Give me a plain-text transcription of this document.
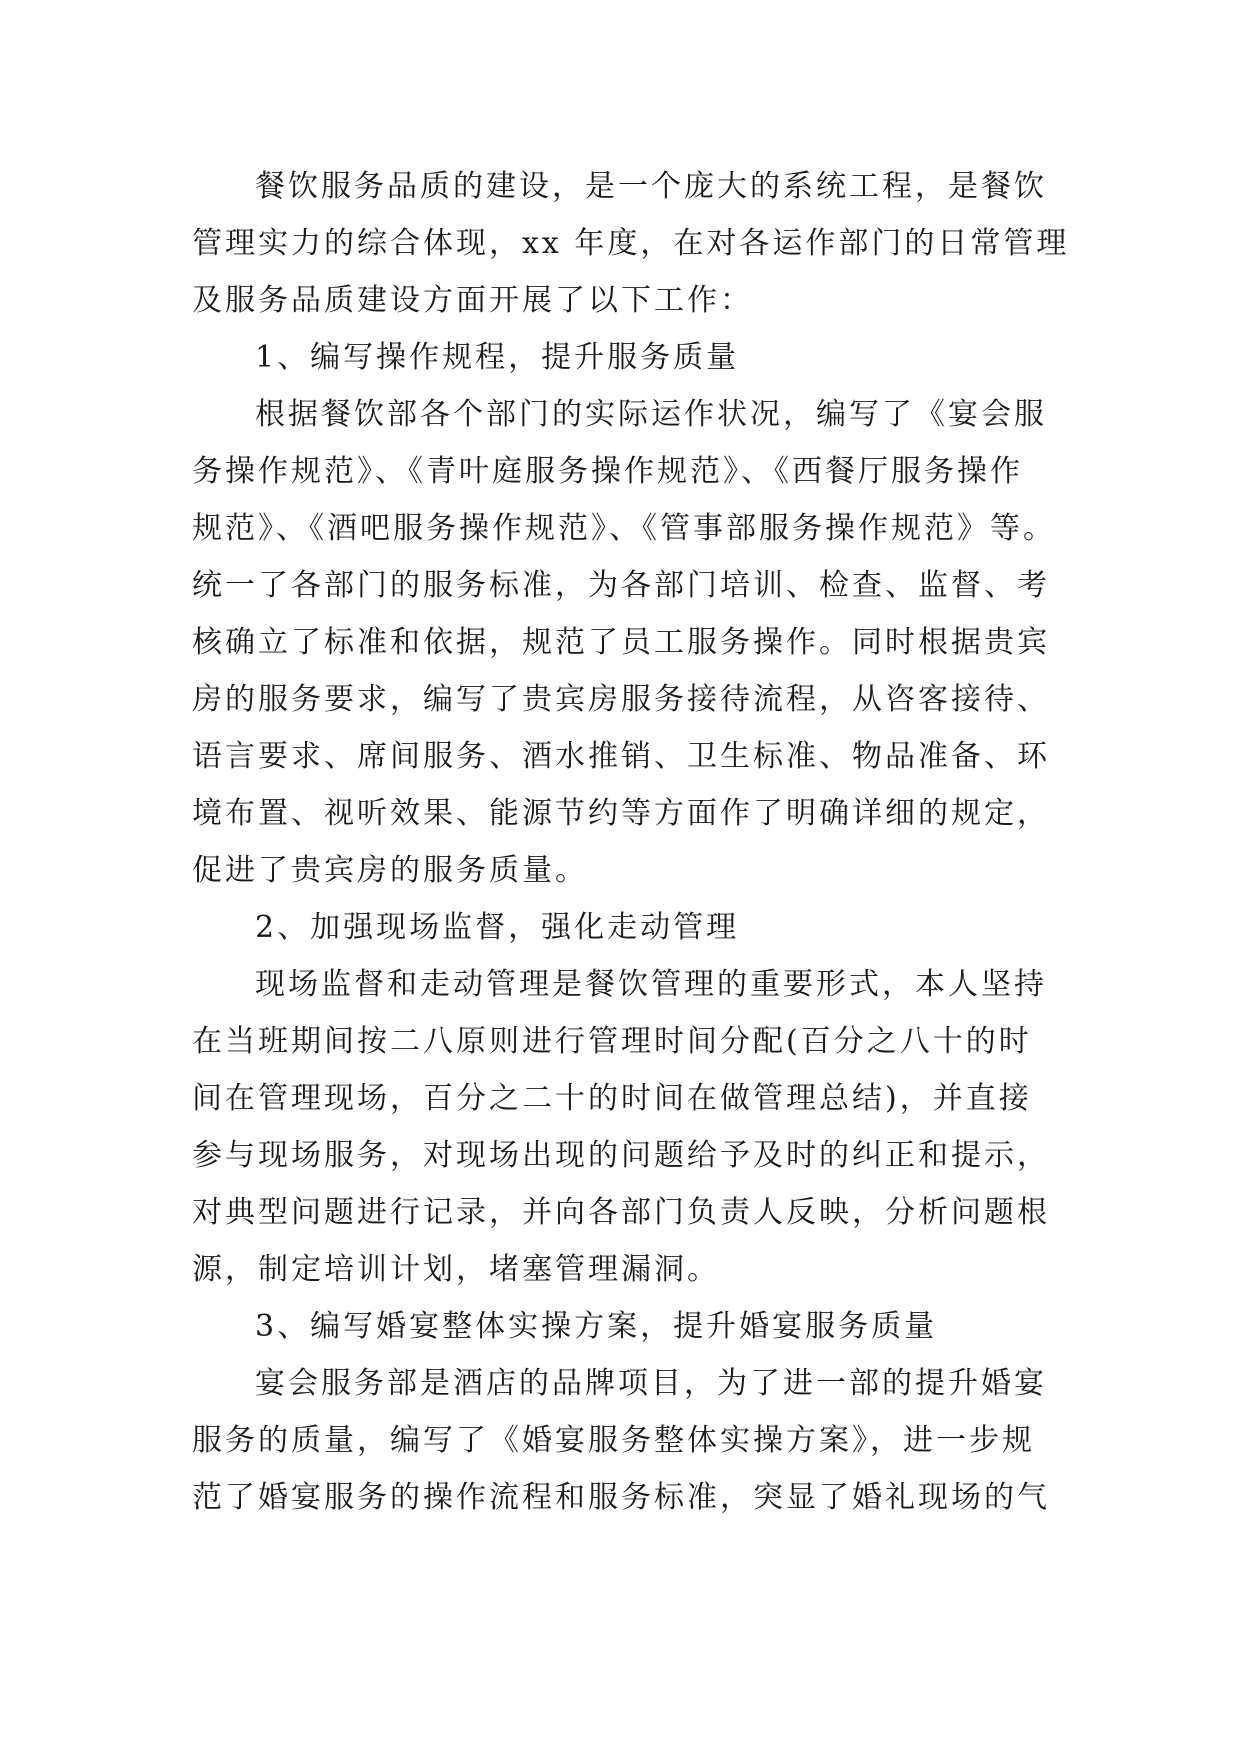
餐饮服务品质的建设，是一个庞大的系统工程，是餐饮
管理实力的综合体现，xx 年度，在对各运作部门的日常管理
及服务品质建设方面开展了以下工作：
1、编写操作规程，提升服务质量
根据餐饮部各个部门的实际运作状况，编写了《宴会服
务操作规范》、《青叶庭服务操作规范》、《西餐厅服务操作
规范》、《酒吧服务操作规范》、《管事部服务操作规范》等。
统一了各部门的服务标准，为各部门培训、检查、监督、考
核确立了标准和依据，规范了员工服务操作。同时根据贵宾
房的服务要求，编写了贵宾房服务接待流程，从咨客接待、
语言要求、席间服务、酒水推销、卫生标准、物品准备、环
境布置、视听效果、能源节约等方面作了明确详细的规定，
促进了贵宾房的服务质量。
2、加强现场监督，强化走动管理
现场监督和走动管理是餐饮管理的重要形式，本人坚持
在当班期间按二八原则进行管理时间分配(百分之八十的时
间在管理现场，百分之二十的时间在做管理总结)，并直接
参与现场服务，对现场出现的问题给予及时的纠正和提示，
对典型问题进行记录，并向各部门负责人反映，分析问题根
源，制定培训计划，堵塞管理漏洞。
3、编写婚宴整体实操方案，提升婚宴服务质量
宴会服务部是酒店的品牌项目，为了进一部的提升婚宴
服务的质量，编写了《婚宴服务整体实操方案》，进一步规
范了婚宴服务的操作流程和服务标准，突显了婚礼现场的气
